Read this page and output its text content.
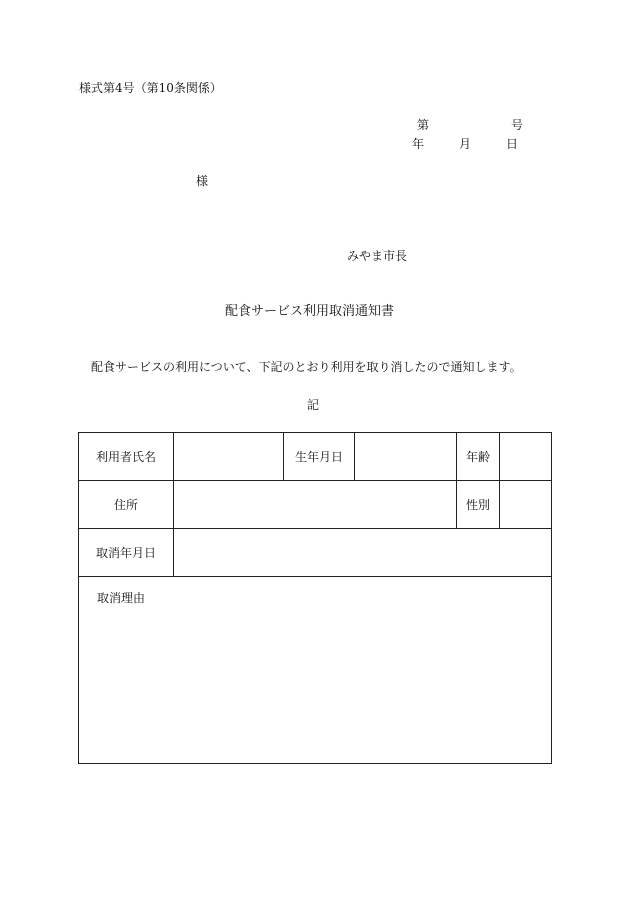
様式第4号（第10条関係）
第	号
年	月	日
様
みやま市長
配食サービス利用取消通知書
配食サービスの利用について、下記のとおり利用を取り消したので通知します。
記
利用者氏名		生年月日		年齢	
住所				性別	
取消年月日					
取消理由					
